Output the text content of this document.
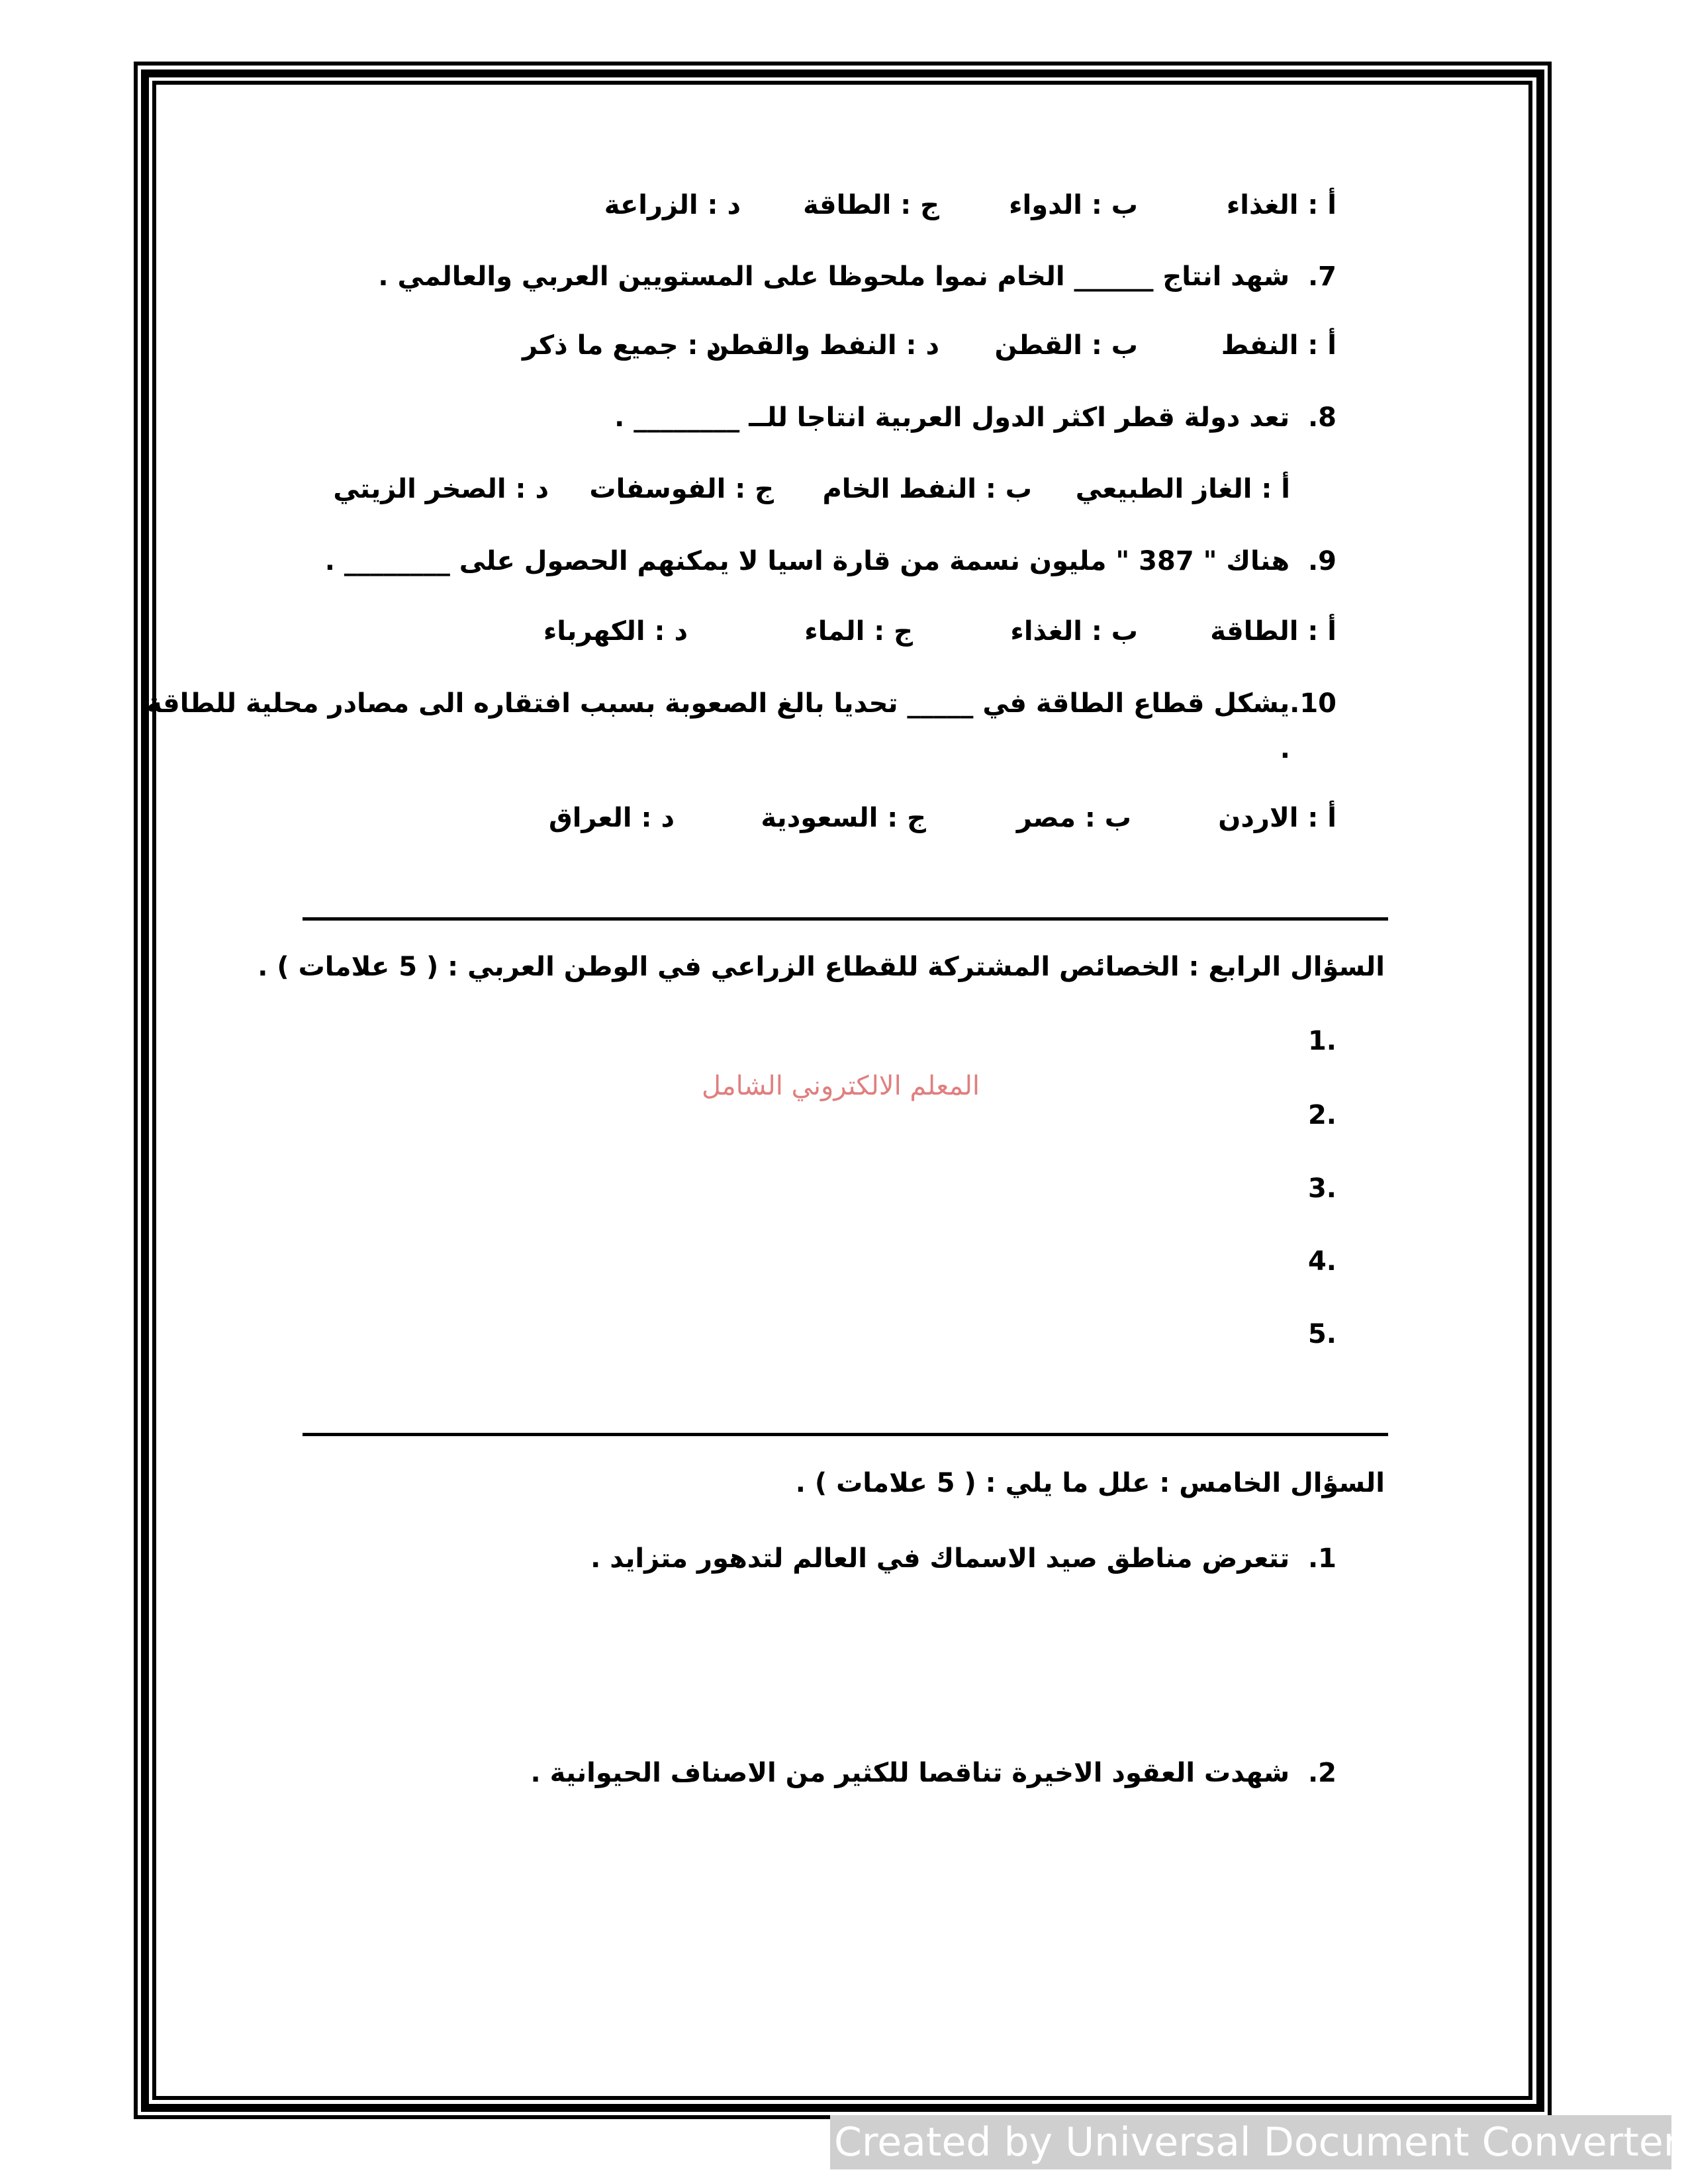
أ : الغذاء
ب : الدواء
ج : الطاقة
د : الزراعة
7.  شهد انتاج ______ الخام نموا ملحوظا على المستويين العربي والعالمي .
أ : النفط
ب : القطن
د : النفط والقطن
د : جميع ما ذكر
8.  تعد دولة قطر اكثر الدول العربية انتاجا للــ ________ .
أ : الغاز الطبيعي
ب : النفط الخام
ج : الفوسفات
د : الصخر الزيتي
9.  هناك " 387 " مليون نسمة من قارة اسيا لا يمكنهم الحصول على ________ .
أ : الطاقة
ب : الغذاء
ج : الماء
د : الكهرباء
10.يشكل قطاع الطاقة في _____ تحديا بالغ الصعوبة بسبب افتقاره الى مصادر محلية للطاقة
.
أ : الاردن
ب : مصر
ج : السعودية
د : العراق
السؤال الرابع : الخصائص المشتركة للقطاع الزراعي في الوطن العربي : ( 5 علامات ) .
.1
.2
.3
.4
.5
المعلم الالكتروني الشامل
السؤال الخامس : علل ما يلي : ( 5 علامات ) .
1.  تتعرض مناطق صيد الاسماك في العالم لتدهور متزايد .
2.  شهدت العقود الاخيرة تناقصا للكثير من الاصناف الحيوانية .
Created by Universal Document Converter
